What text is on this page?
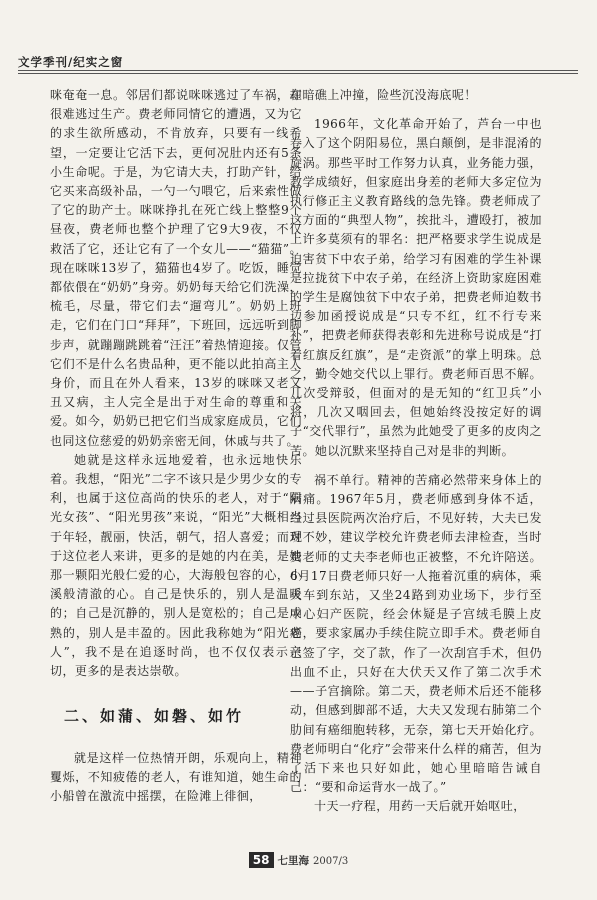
文学季刊/纪实之窗

咪奄奄一息。邻居们都说咪咪逃过了车祸，却很难逃过生产。费老师同情它的遭遇，又为它的求生欲所感动，不肯放弃，只要有一线希望，一定要让它活下去，更何况肚内还有5条小生命呢。于是，为它请大夫，打助产针，给它买来高级补品，一勺一勺喂它，后来索性做了它的助产士。咪咪挣扎在死亡线上整整9个昼夜，费老师也整个护理了它9大9夜，不仅救活了它，还让它有了一个女儿——“猫猫”。现在咪咪13岁了，猫猫也4岁了。吃饭，睡觉都依偎在“奶奶”身旁。奶奶每天给它们洗澡，梳毛，尽量，带它们去“遛弯儿”。奶奶上班走，它们在门口“拜拜”，下班回，远远听到脚步声，就蹦蹦跳跳着“汪汪”着热情迎接。仅管它们不是什么名贵品种，更不能以此拍高主人身价，而且在外人看来，13岁的咪咪又老又丑又病，主人完全是出于对生命的尊重和关爱。如今，奶奶已把它们当成家庭成员，它们也同这位慈爱的奶奶亲密无间，休戚与共了。

她就是这样永远地爱着，也永远地快乐着。我想，“阳光”二字不该只是少男少女的专利，也属于这位高尚的快乐的老人，对于“阳光女孩”、“阳光男孩”来说，“阳光”大概相当于年轻，靓丽，快活，朝气，招人喜爱；而对于这位老人来讲，更多的是她的内在美，是她那一颗阳光般仁爱的心，大海般包容的心，小溪般清澈的心。自己是快乐的，别人是温暖的；自己是沉静的，别人是宽松的；自己是成熟的，别人是丰盈的。因此我称她为“阳光老人”，我不是在追逐时尚，也不仅仅表示亲切，更多的是表达崇敬。

二、如蒲、如磐、如竹

就是这样一位热情开朗，乐观向上，精神矍烁，不知疲倦的老人，有谁知道，她生命的小船曾在激流中摇摆，在险滩上徘徊，

在暗礁上冲撞，险些沉没海底呢！

1966年，文化革命开始了，芦台一中也卷入了这个阴阳易位，黑白颠倒，是非混淆的旋涡。那些平时工作努力认真，业务能力强，教学成绩好，但家庭出身差的老师大多定位为执行修正主义教育路线的急先锋。费老师成了这方面的“典型人物”，挨批斗，遭殴打，被加上许多莫须有的罪名：把严格要求学生说成是迫害贫下中农子弟，给学习有困难的学生补课是拉拢贫下中农子弟，在经济上资助家庭困难的学生是腐蚀贫下中农子弟，把费老师迫数书边参加函授说成是“只专不红，红不行专来补”，把费老师获得表彰和先进称号说成是“打着红旗反红旗”，是“走资派”的掌上明珠。总之，勤令她交代以上罪行。费老师百思不解。几次受辩驳，但面对的是无知的“红卫兵”小将，几次又咽回去，但她始终没按定好的调子“交代罪行”，虽然为此她受了更多的皮肉之苦。她以沉默来坚持自己对是非的判断。

祸不单行。精神的苦痛必然带来身体上的病痛。1967年5月，费老师感到身体不适，经过县医院两次治疗后，不见好转，大夫已发现不妙，建议学校允许费老师去津检查，当时费老师的丈夫李老师也正被整，不允许陪送。6月17日费老师只好一人拖着沉重的病体，乘火车到东站，又坐24路到劝业场下，步行至中心妇产医院，经会休疑是子宫绒毛膜上皮癌，要求家属办手续住院立即手术。费老师自己签了字，交了款，作了一次刮宫手术，但仍出血不止，只好在大伏天又作了第二次手术——子宫摘除。第二天，费老师术后还不能移动，但感到脚部不适，大夫又发现右肺第二个肋间有癌细胞转移，无奈，第七天开始化疗。费老师明白“化疗”会带来什么样的痛苦，但为了活下来也只好如此，她心里暗暗告诫自己：“要和命运背水一战了。”

十天一疗程，用药一天后就开始呕吐，

58 七里海 2007/3
